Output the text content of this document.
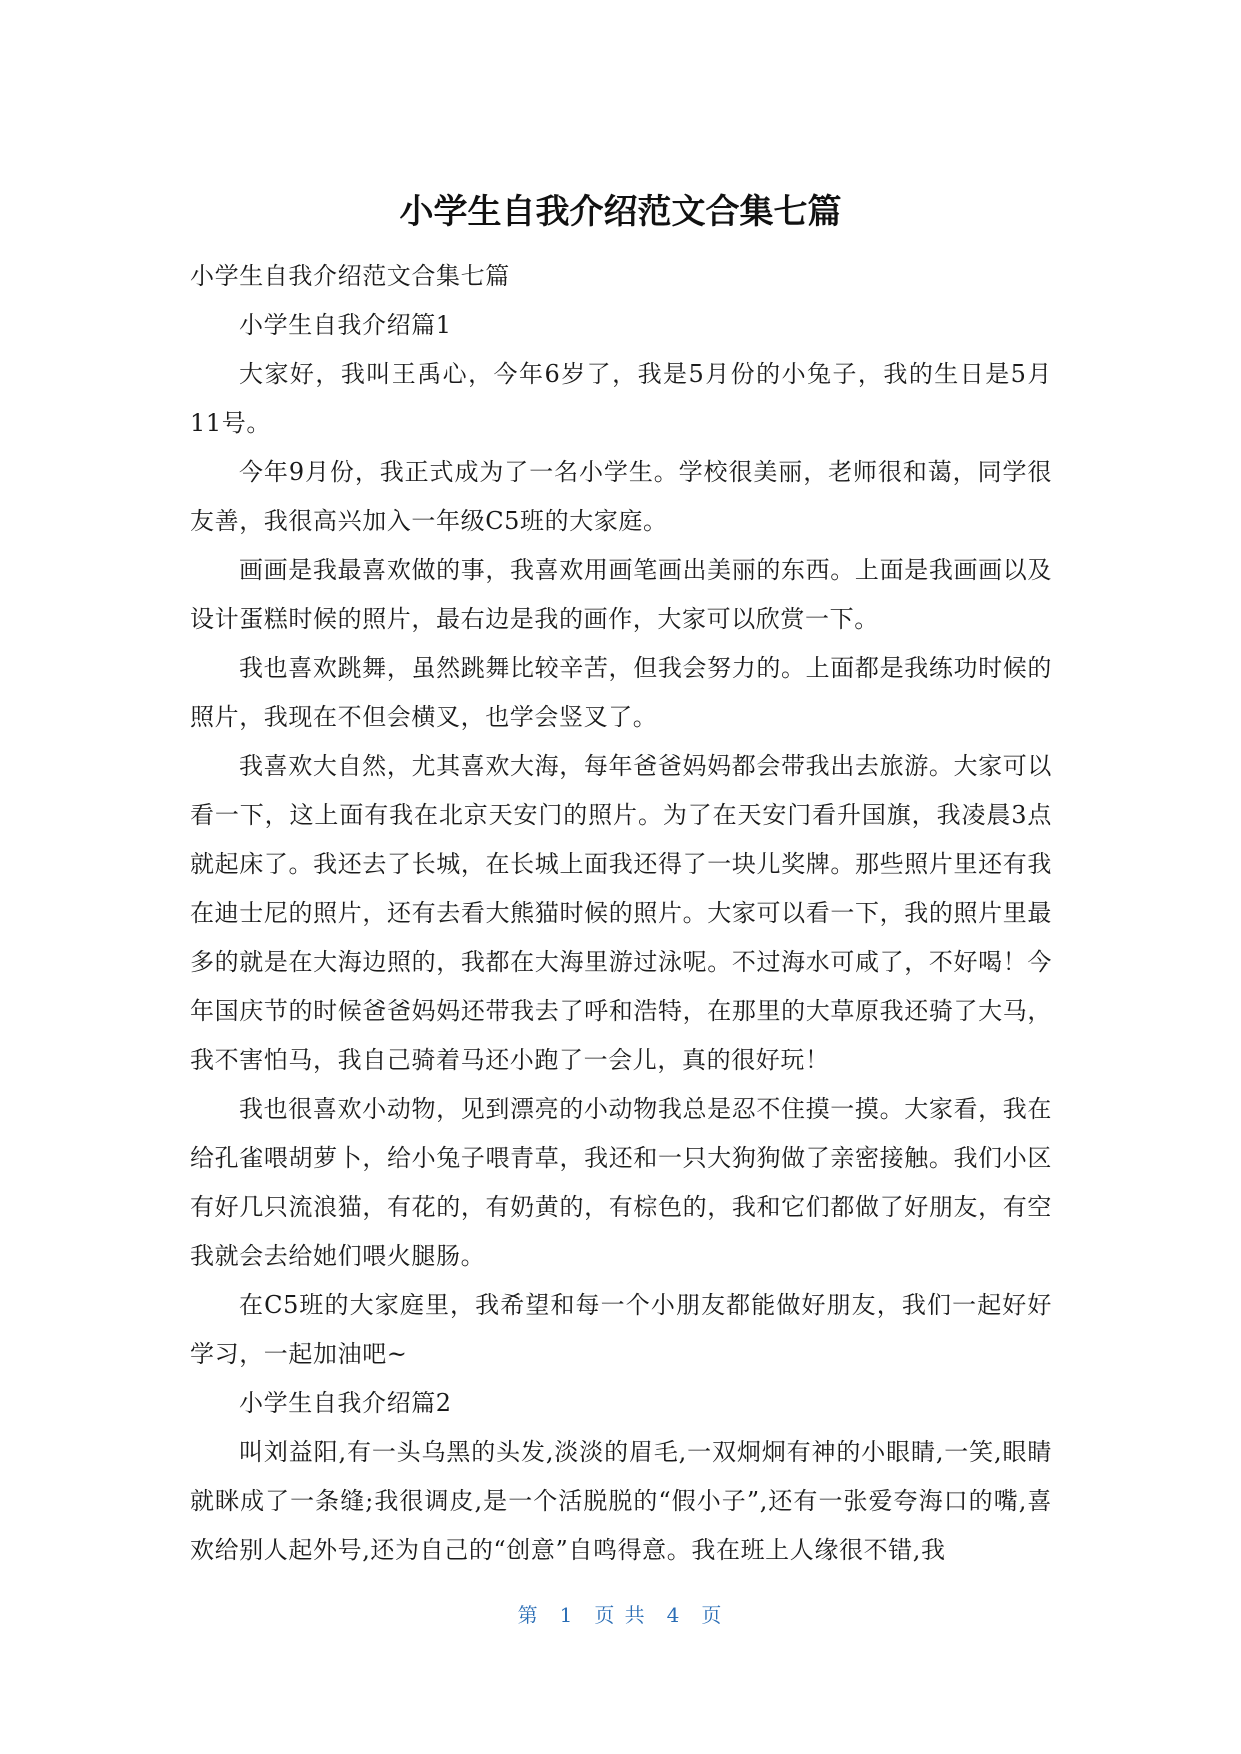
小学生自我介绍范文合集七篇

小学生自我介绍范文合集七篇

小学生自我介绍篇1

大家好，我叫王禹心，今年6岁了，我是5月份的小兔子，我的生日是5月11号。

今年9月份，我正式成为了一名小学生。学校很美丽，老师很和蔼，同学很友善，我很高兴加入一年级C5班的大家庭。

画画是我最喜欢做的事，我喜欢用画笔画出美丽的东西。上面是我画画以及设计蛋糕时候的照片，最右边是我的画作，大家可以欣赏一下。

我也喜欢跳舞，虽然跳舞比较辛苦，但我会努力的。上面都是我练功时候的照片，我现在不但会横叉，也学会竖叉了。

我喜欢大自然，尤其喜欢大海，每年爸爸妈妈都会带我出去旅游。大家可以看一下，这上面有我在北京天安门的照片。为了在天安门看升国旗，我凌晨3点就起床了。我还去了长城，在长城上面我还得了一块儿奖牌。那些照片里还有我在迪士尼的照片，还有去看大熊猫时候的照片。大家可以看一下，我的照片里最多的就是在大海边照的，我都在大海里游过泳呢。不过海水可咸了，不好喝！今年国庆节的时候爸爸妈妈还带我去了呼和浩特，在那里的大草原我还骑了大马，我不害怕马，我自己骑着马还小跑了一会儿，真的很好玩！

我也很喜欢小动物，见到漂亮的小动物我总是忍不住摸一摸。大家看，我在给孔雀喂胡萝卜，给小兔子喂青草，我还和一只大狗狗做了亲密接触。我们小区有好几只流浪猫，有花的，有奶黄的，有棕色的，我和它们都做了好朋友，有空我就会去给她们喂火腿肠。

在C5班的大家庭里，我希望和每一个小朋友都能做好朋友，我们一起好好学习，一起加油吧~

小学生自我介绍篇2

叫刘益阳,有一头乌黑的头发,淡淡的眉毛,一双炯炯有神的小眼睛,一笑,眼睛就眯成了一条缝;我很调皮,是一个活脱脱的“假小子”,还有一张爱夸海口的嘴,喜欢给别人起外号,还为自己的“创意”自鸣得意。我在班上人缘很不错,我

第 1 页 共 4 页
